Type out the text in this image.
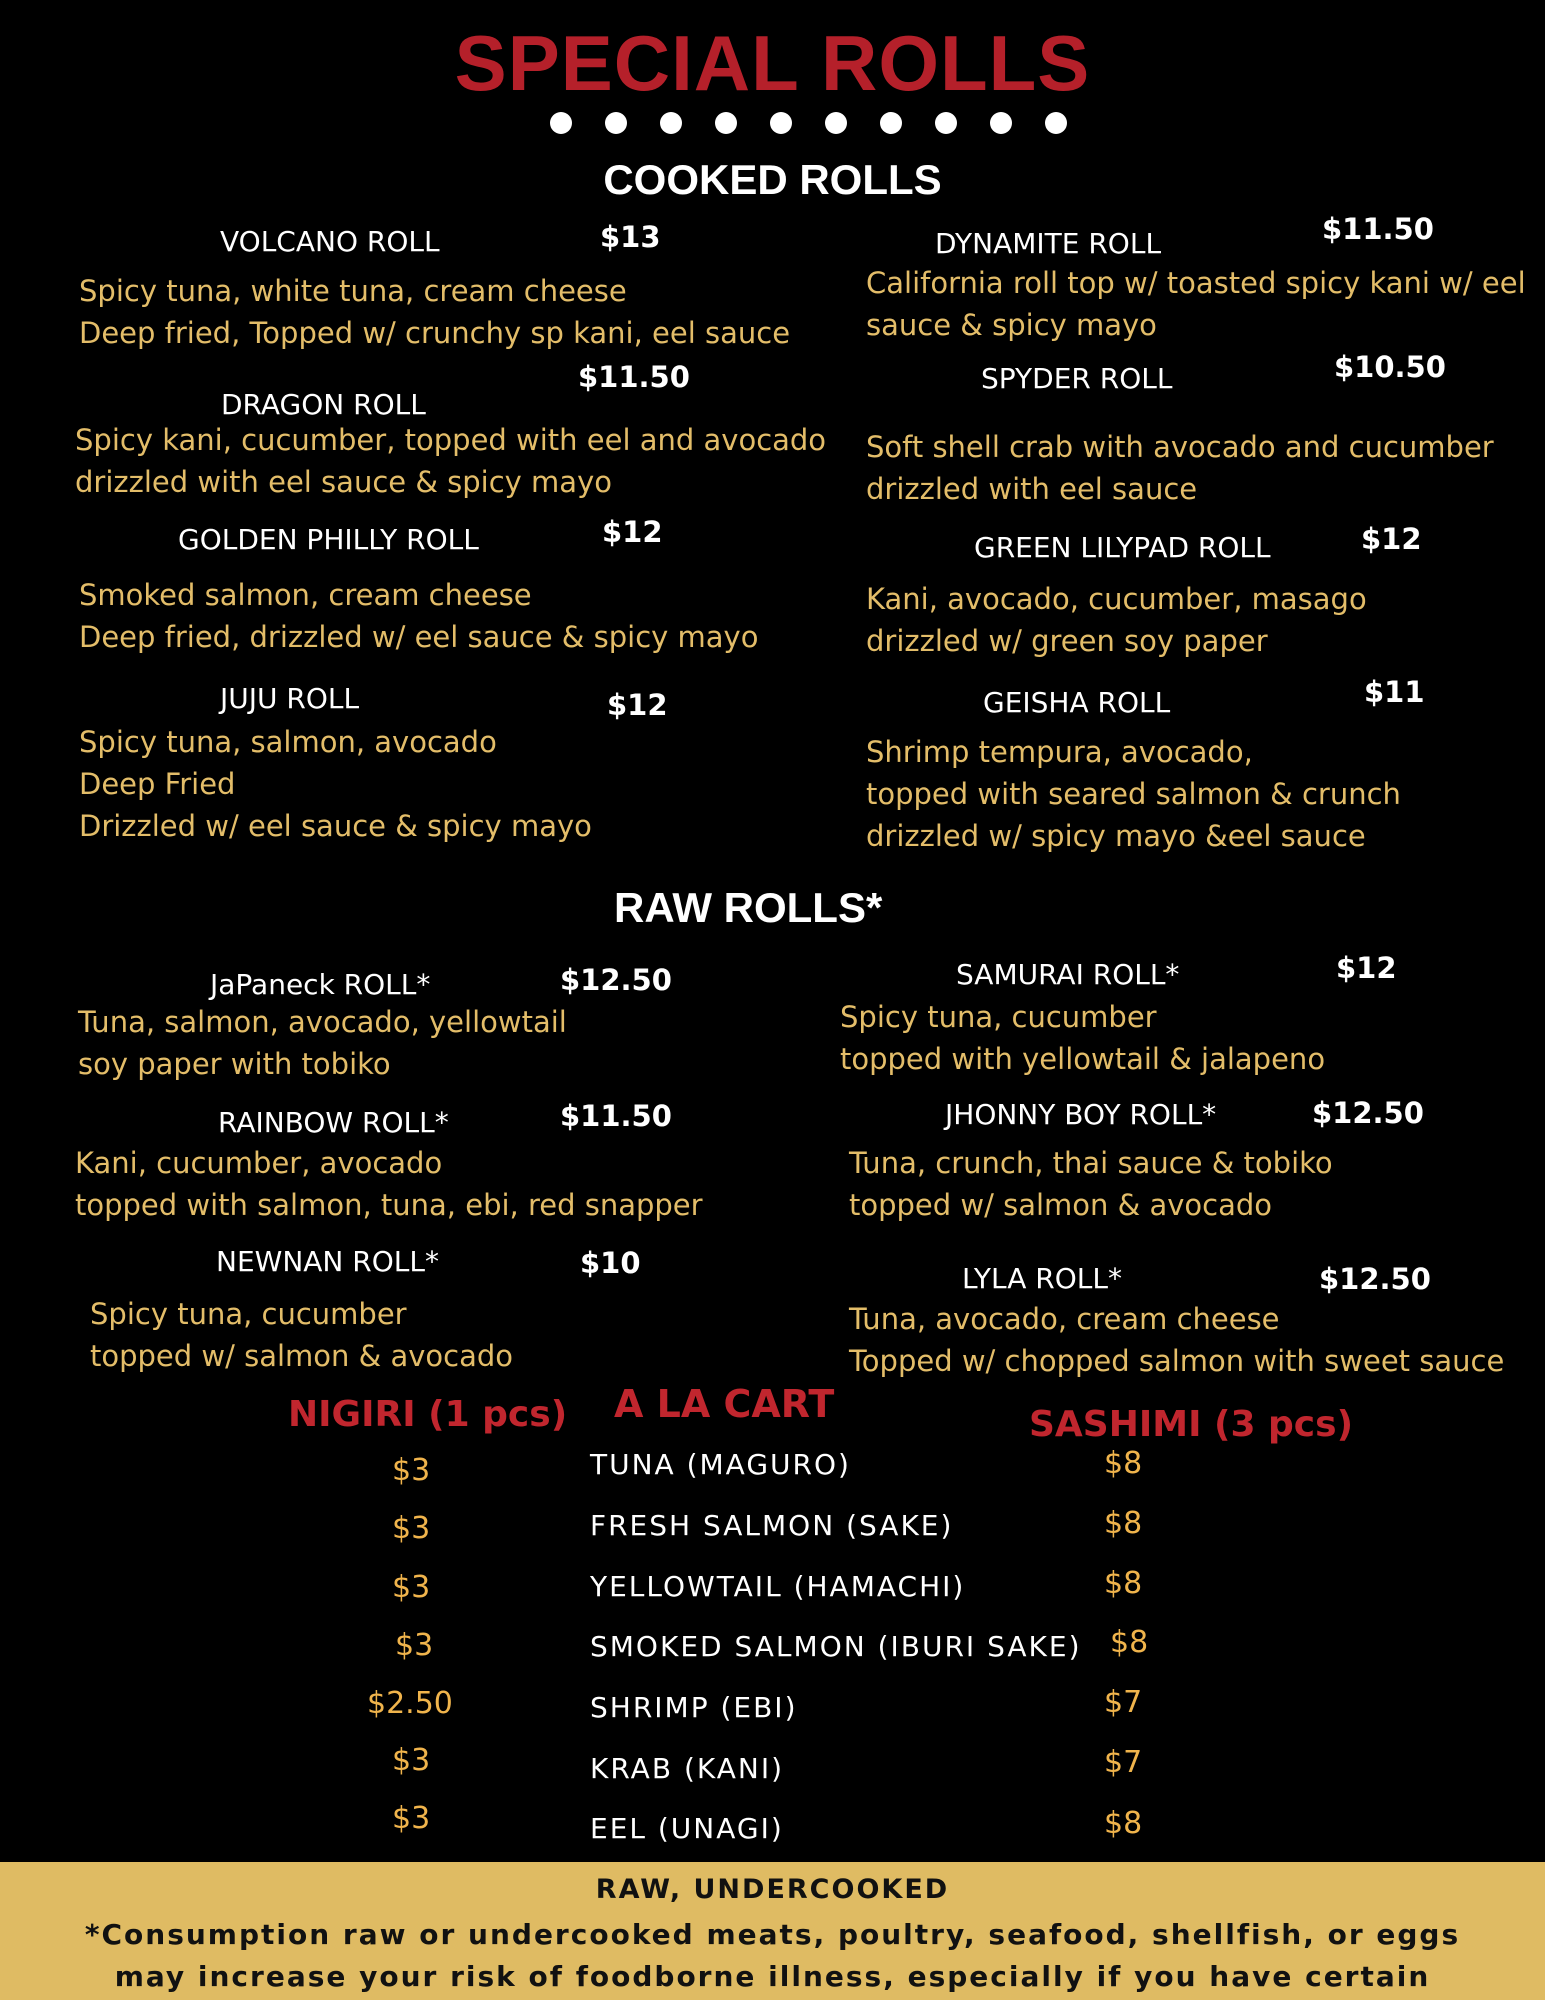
SPECIAL ROLLS
COOKED ROLLS
VOLCANO ROLL	$13
Spicy tuna, white tuna, cream cheese
Deep fried, Topped w/ crunchy sp kani, eel sauce
DRAGON ROLL
$11.50
Spicy kani, cucumber, topped with eel and avocado
drizzled with eel sauce & spicy mayo
GOLDEN PHILLY ROLL	$12
Smoked salmon, cream cheese
Deep fried, drizzled w/ eel sauce & spicy mayo
JUJU ROLL	$12
Spicy tuna, salmon, avocado
Deep Fried
Drizzled w/ eel sauce & spicy mayo
DYNAMITE ROLL	$11.50
California roll top w/ toasted spicy kani w/ eel
sauce & spicy mayo
SPYDER ROLL	$10.50
Soft shell crab with avocado and cucumber
drizzled with eel sauce
GREEN LILYPAD ROLL	$12
Kani, avocado, cucumber, masago
drizzled w/ green soy paper
GEISHA ROLL	$11
Shrimp tempura, avocado,
topped with seared salmon & crunch
drizzled w/ spicy mayo &eel sauce
RAW ROLLS*
JaPaneck ROLL*	$12.50
Tuna, salmon, avocado, yellowtail
soy paper with tobiko
RAINBOW ROLL*	$11.50
Kani, cucumber, avocado
topped with salmon, tuna, ebi, red snapper
NEWNAN ROLL*	$10
Spicy tuna, cucumber
topped w/ salmon & avocado
SAMURAI ROLL*	$12
Spicy tuna, cucumber
topped with yellowtail & jalapeno
JHONNY BOY ROLL*	$12.50
Tuna, crunch, thai sauce & tobiko
topped w/ salmon & avocado
LYLA ROLL*	$12.50
Tuna, avocado, cream cheese
Topped w/ chopped salmon with sweet sauce
NIGIRI (1 pcs) A LA CART	SASHIMI (3 pcs)
$3	TUNA (MAGURO)	$8
$3	FRESH SALMON (SAKE)	$8
$3	YELLOWTAIL (HAMACHI)	$8
$3	SMOKED SALMON (IBURI SAKE) $8
$2.50	SHRIMP (EBI)	$7
$3	KRAB (KANI)	$7
$3	EEL (UNAGI)	$8
RAW, UNDERCOOKED
*Consumption raw or undercooked meats, poultry, seafood, shellfish, or eggs
may increase your risk of foodborne illness, especially if you have certain
